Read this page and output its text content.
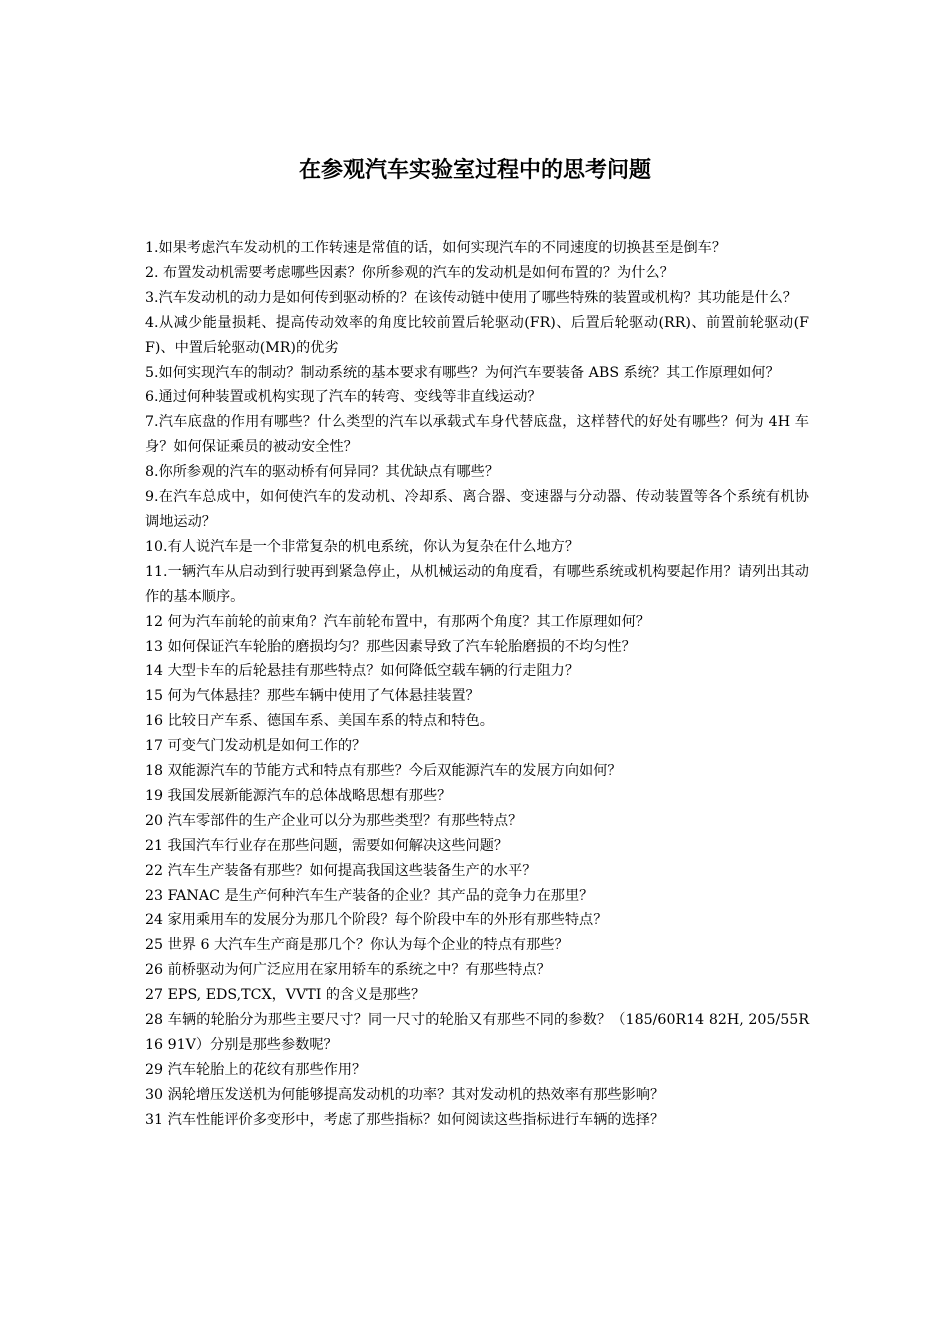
在参观汽车实验室过程中的思考问题
1.如果考虑汽车发动机的工作转速是常值的话，如何实现汽车的不同速度的切换甚至是倒车？
2. 布置发动机需要考虑哪些因素？你所参观的汽车的发动机是如何布置的？为什么？
3.汽车发动机的动力是如何传到驱动桥的？在该传动链中使用了哪些特殊的装置或机构？其功能是什么？
4.从减少能量损耗、提高传动效率的角度比较前置后轮驱动(FR)、后置后轮驱动(RR)、前置前轮驱动(FF)、中置后轮驱动(MR)的优劣
5.如何实现汽车的制动？制动系统的基本要求有哪些？为何汽车要装备 ABS 系统？其工作原理如何？
6.通过何种装置或机构实现了汽车的转弯、变线等非直线运动？
7.汽车底盘的作用有哪些？什么类型的汽车以承载式车身代替底盘，这样替代的好处有哪些？何为 4H 车身？如何保证乘员的被动安全性？
8.你所参观的汽车的驱动桥有何异同？其优缺点有哪些？
9.在汽车总成中，如何使汽车的发动机、冷却系、离合器、变速器与分动器、传动装置等各个系统有机协调地运动？
10.有人说汽车是一个非常复杂的机电系统，你认为复杂在什么地方？
11.一辆汽车从启动到行驶再到紧急停止，从机械运动的角度看，有哪些系统或机构要起作用？请列出其动作的基本顺序。
12 何为汽车前轮的前束角？汽车前轮布置中，有那两个角度？其工作原理如何？
13 如何保证汽车轮胎的磨损均匀？那些因素导致了汽车轮胎磨损的不均匀性？
14 大型卡车的后轮悬挂有那些特点？如何降低空载车辆的行走阻力？
15 何为气体悬挂？那些车辆中使用了气体悬挂装置？
16 比较日产车系、德国车系、美国车系的特点和特色。
17 可变气门发动机是如何工作的？
18 双能源汽车的节能方式和特点有那些？今后双能源汽车的发展方向如何？
19 我国发展新能源汽车的总体战略思想有那些？
20 汽车零部件的生产企业可以分为那些类型？有那些特点？
21 我国汽车行业存在那些问题，需要如何解决这些问题？
22 汽车生产装备有那些？如何提高我国这些装备生产的水平？
23 FANAC 是生产何种汽车生产装备的企业？其产品的竞争力在那里？
24 家用乘用车的发展分为那几个阶段？每个阶段中车的外形有那些特点？
25 世界 6 大汽车生产商是那几个？你认为每个企业的特点有那些？
26 前桥驱动为何广泛应用在家用轿车的系统之中？有那些特点？
27 EPS, EDS,TCX，VVTI 的含义是那些？
28 车辆的轮胎分为那些主要尺寸？同一尺寸的轮胎又有那些不同的参数？（185/60R14 82H, 205/55R16 91V）分别是那些参数呢？
29 汽车轮胎上的花纹有那些作用？
30 涡轮增压发送机为何能够提高发动机的功率？其对发动机的热效率有那些影响？
31 汽车性能评价多变形中，考虑了那些指标？如何阅读这些指标进行车辆的选择？
